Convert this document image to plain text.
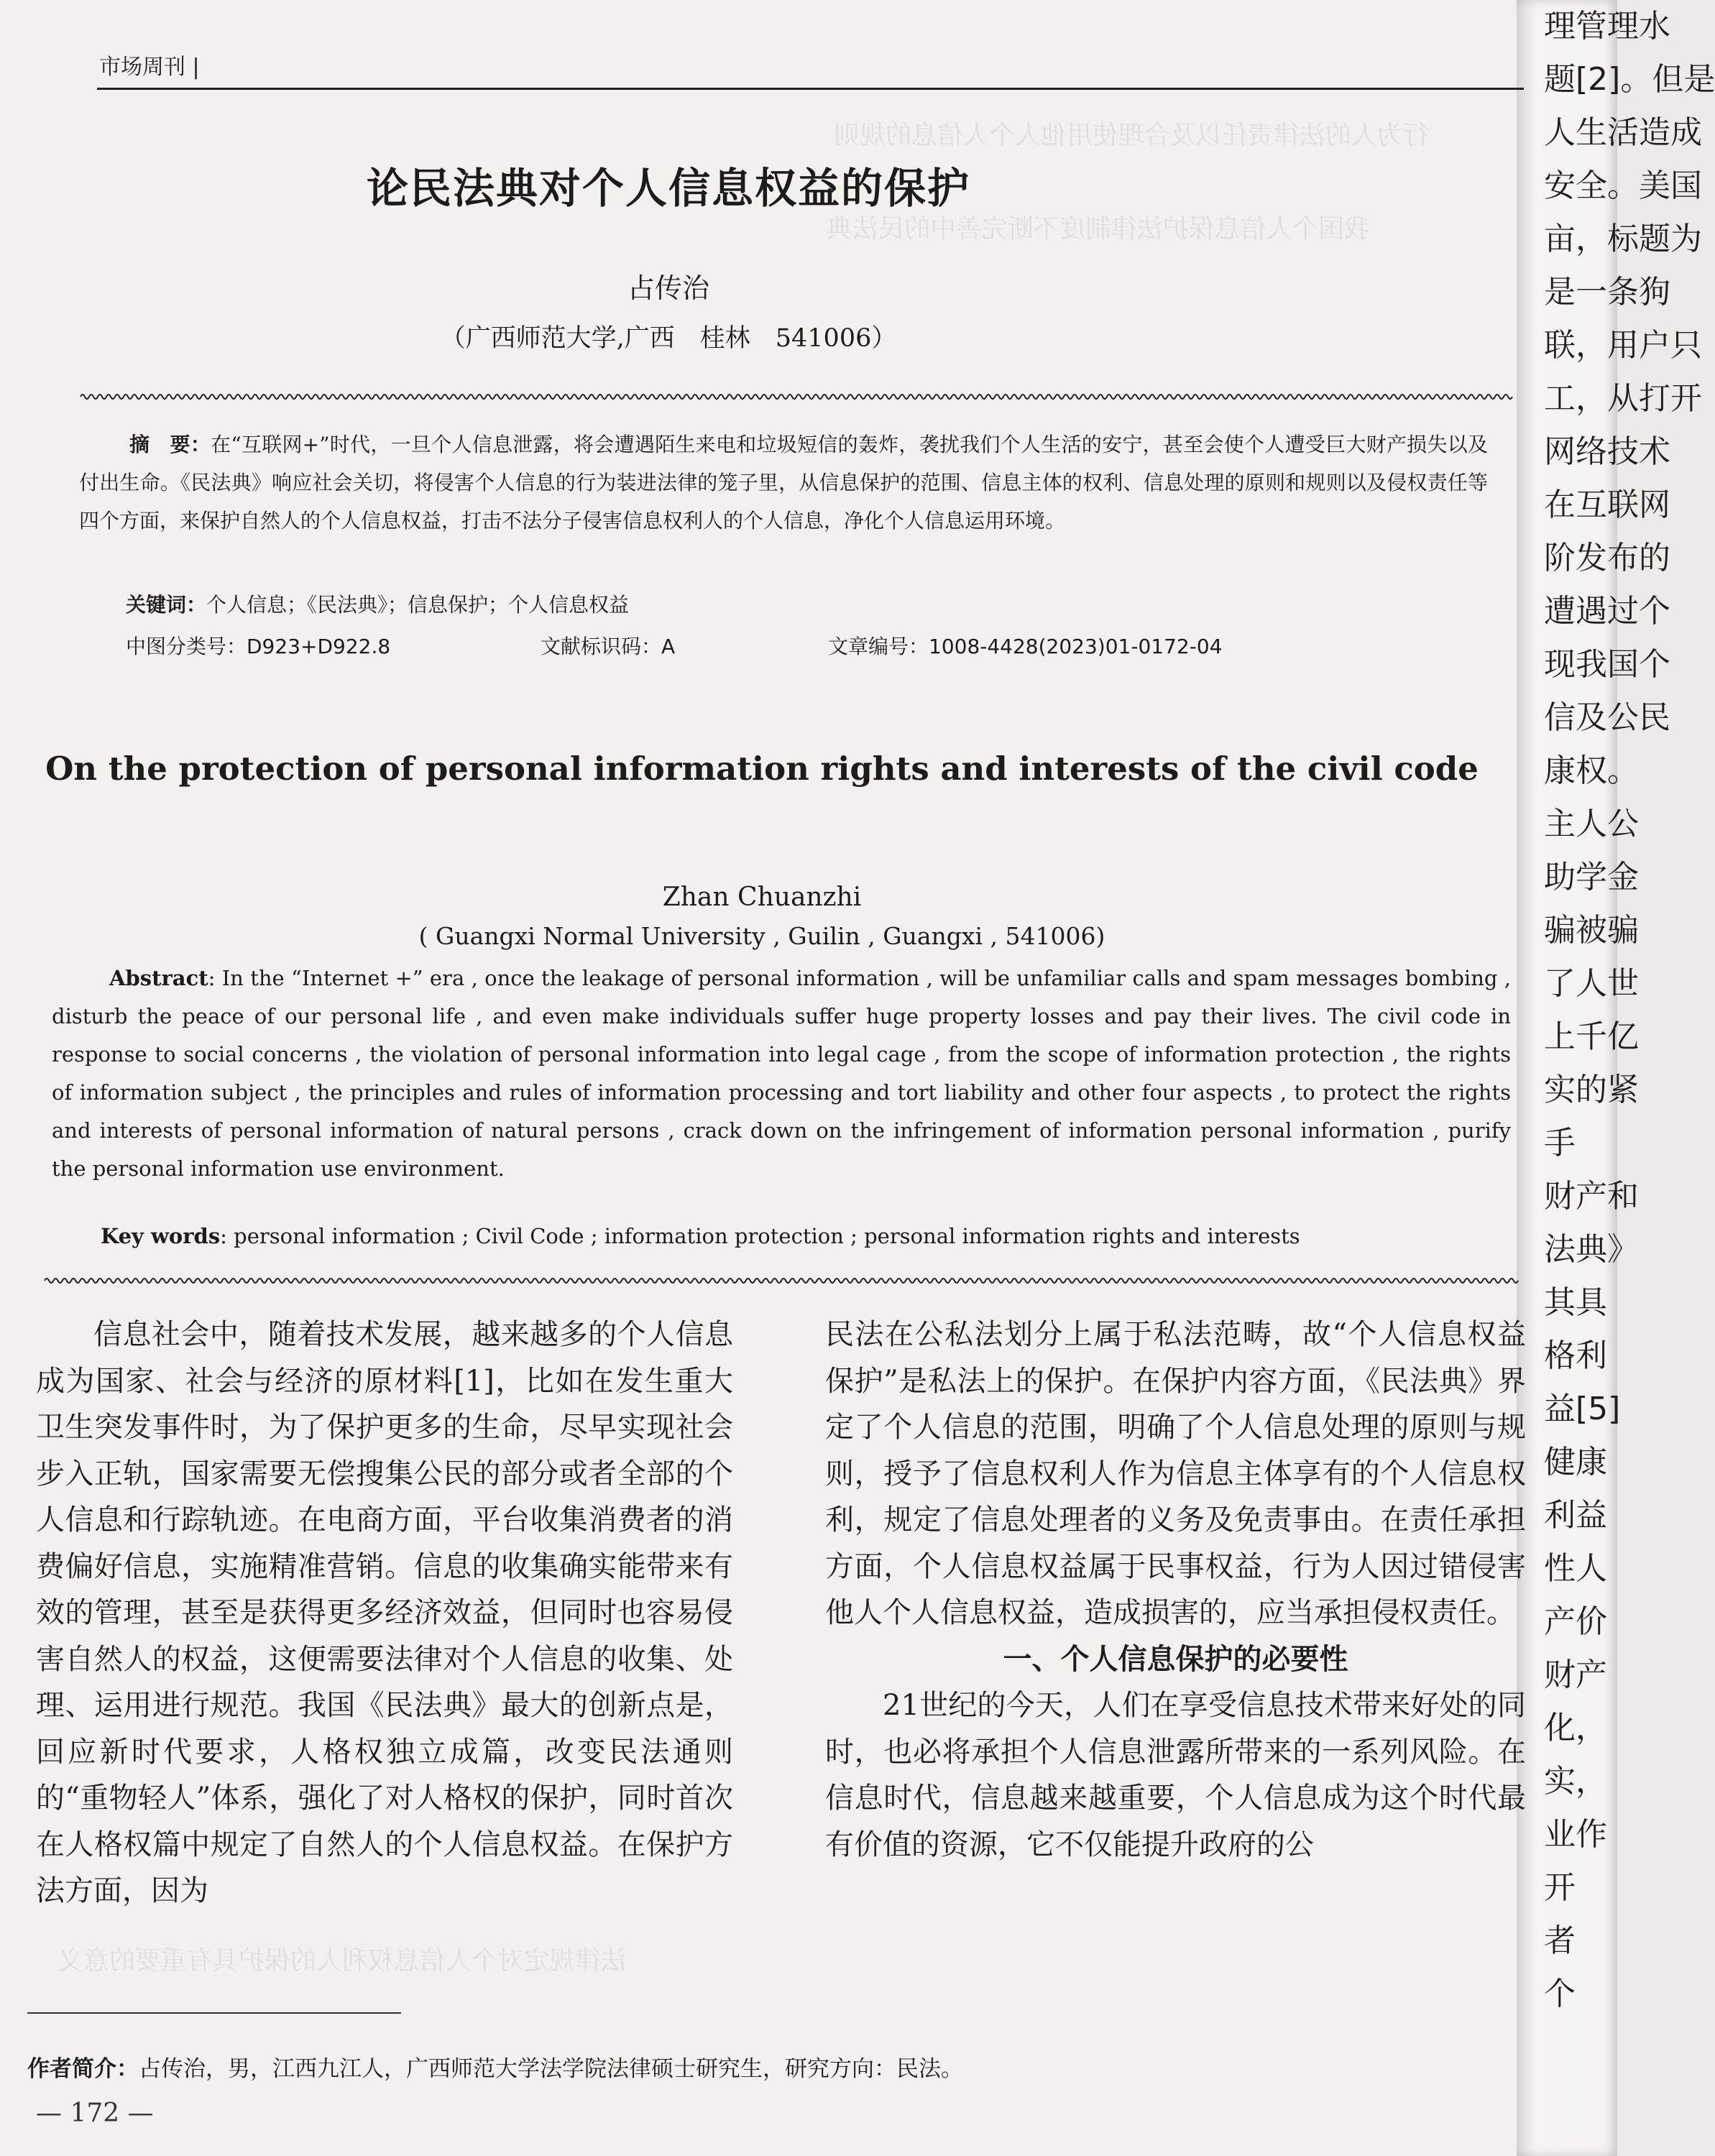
市场周刊 |
论民法典对个人信息权益的保护
占传治
（广西师范大学,广西　桂林　541006）
摘　要：在“互联网+”时代，一旦个人信息泄露，将会遭遇陌生来电和垃圾短信的轰炸，袭扰我们个人生活的安宁，甚至会使个人遭受巨大财产损失以及付出生命。《民法典》响应社会关切，将侵害个人信息的行为装进法律的笼子里，从信息保护的范围、信息主体的权利、信息处理的原则和规则以及侵权责任等四个方面，来保护自然人的个人信息权益，打击不法分子侵害信息权利人的个人信息，净化个人信息运用环境。
关键词：个人信息；《民法典》；信息保护；个人信息权益
中图分类号：D923+D922.8	文献标识码：A	文章编号：1008-4428(2023)01-0172-04
On the protection of personal information rights and interests of the civil code
Zhan Chuanzhi
( Guangxi Normal University , Guilin , Guangxi , 541006)
Abstract: In the “Internet +” era , once the leakage of personal information , will be unfamiliar calls and spam messages bombing , disturb the peace of our personal life , and even make individuals suffer huge property losses and pay their lives. The civil code in response to social concerns , the violation of personal information into legal cage , from the scope of information protection , the rights of information subject , the principles and rules of information processing and tort liability and other four aspects , to protect the rights and interests of personal information of natural persons , crack down on the infringement of information personal information , purify the personal information use environment.
Key words: personal information ; Civil Code ; information protection ; personal information rights and interests

信息社会中，随着技术发展，越来越多的个人信息成为国家、社会与经济的原材料[1]，比如在发生重大卫生突发事件时，为了保护更多的生命，尽早实现社会步入正轨，国家需要无偿搜集公民的部分或者全部的个人信息和行踪轨迹。在电商方面，平台收集消费者的消费偏好信息，实施精准营销。信息的收集确实能带来有效的管理，甚至是获得更多经济效益，但同时也容易侵害自然人的权益，这便需要法律对个人信息的收集、处理、运用进行规范。我国《民法典》最大的创新点是，回应新时代要求，人格权独立成篇，改变民法通则的“重物轻人”体系，强化了对人格权的保护，同时首次在人格权篇中规定了自然人的个人信息权益。在保护方法方面，因为

民法在公私法划分上属于私法范畴，故“个人信息权益保护”是私法上的保护。在保护内容方面，《民法典》界定了个人信息的范围，明确了个人信息处理的原则与规则，授予了信息权利人作为信息主体享有的个人信息权利，规定了信息处理者的义务及免责事由。在责任承担方面，个人信息权益属于民事权益，行为人因过错侵害他人个人信息权益，造成损害的，应当承担侵权责任。

一、个人信息保护的必要性

21世纪的今天，人们在享受信息技术带来好处的同时，也必将承担个人信息泄露所带来的一系列风险。在信息时代，信息越来越重要，个人信息成为这个时代最有价值的资源，它不仅能提升政府的公

作者简介：占传治，男，江西九江人，广西师范大学法学院法律硕士研究生，研究方向：民法。
— 172 —
理管理水
题[2]。但是
人生活造成
安全。美国
亩，标题为
是一条狗
联，用户只
工，从打开
网络技术
在互联网
阶发布的
遭遇过个
现我国个
信及公民
康权。
主人公
助学金
骗被骗
了人世
上千亿
实的紧
手
财产和
法典》
其具
格利
益[5]
健康
利益
性人
产价
财产
化，
实，
业作
开
者
个
